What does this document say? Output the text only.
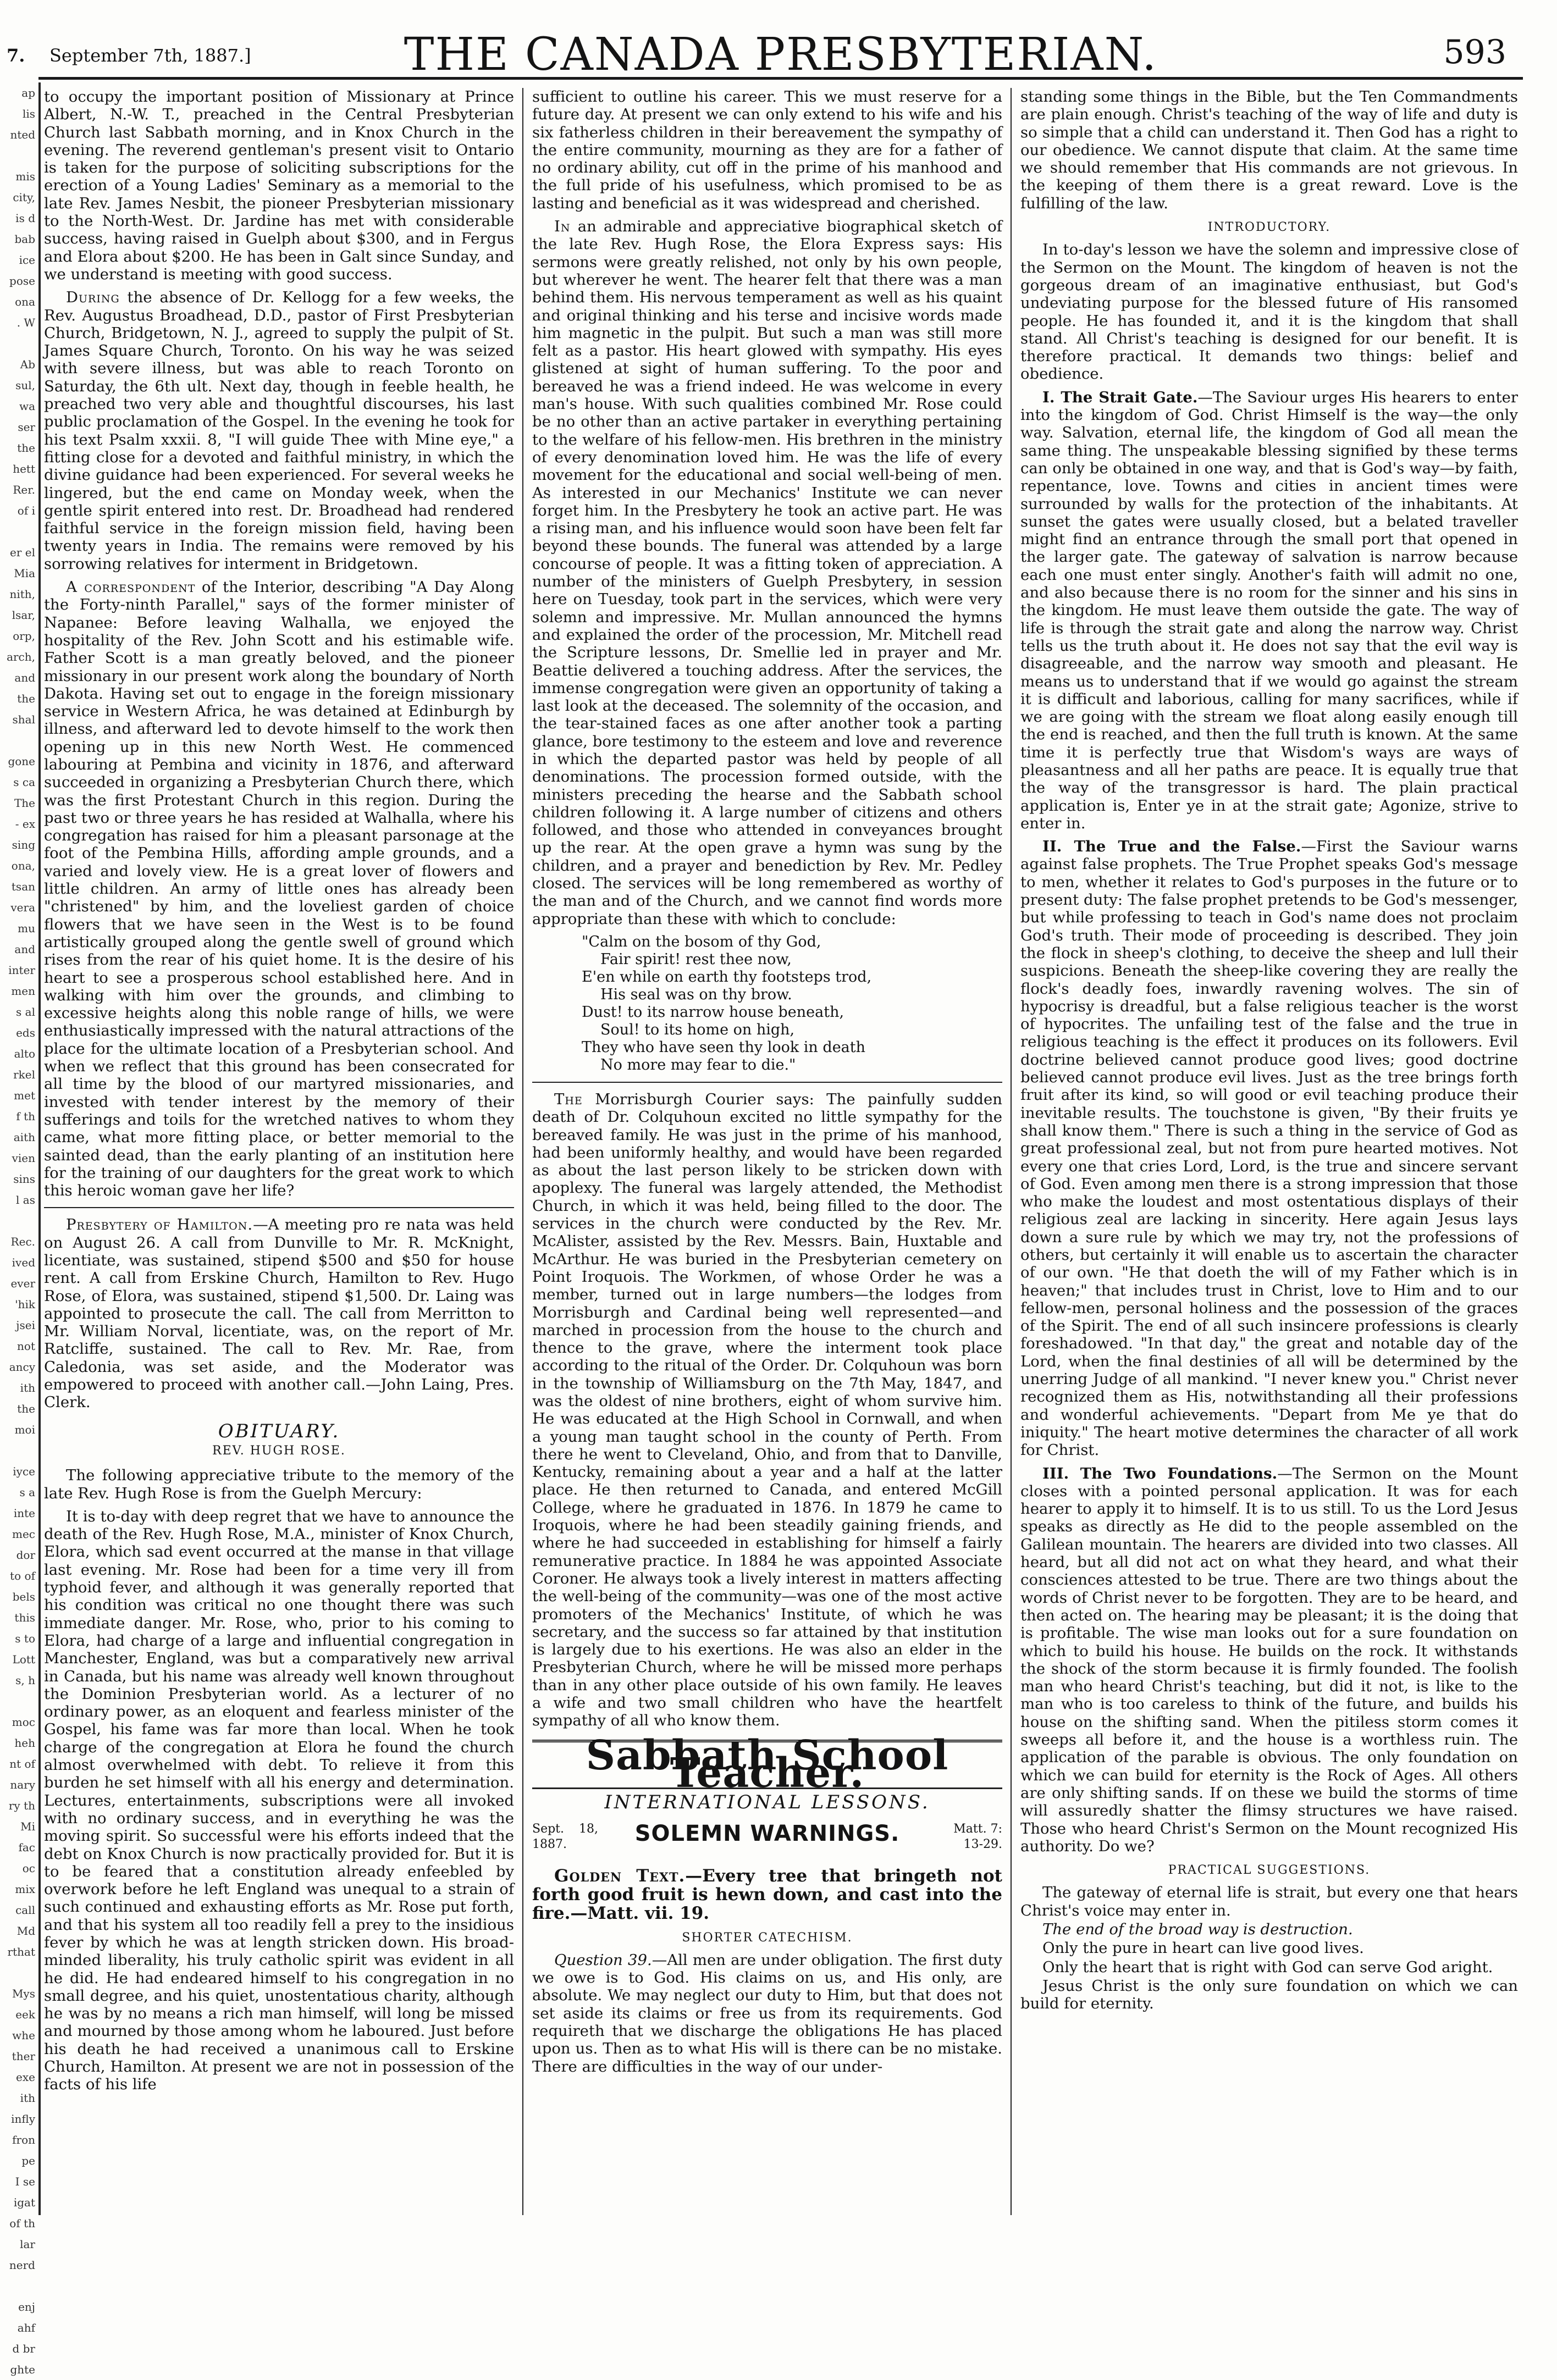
7. September 7th, 1887.]	THE CANADA PRESBYTERIAN.	593
ap
lis
nted
mis
city,
is d
bab
ice
pose
ona
. W
Ab
sul,
wa
ser
the
hett
Rer.
of i
er el
Mia
nith,
lsar,
orp,
arch,
and
the
shal
gone
s ca
The
- ex
sing
ona,
tsan
vera
mu
and
inter
men
s al
eds
alto
rkel
met
f th
aith
vien
sins
l as
Rec.
ived
ever
'hik
jsei
not
ancy
ith
the
moi
iyce
s a
inte
mec
dor
to of
bels
this
s to
Lott
s, h
moc
heh
nt of
nary
ry th
Mi
fac
oc
mix
call
Md
rthat
Mys
eek
whe
ther
exe
ith
infly
fron
pe
I se
igat
of th
lar
nerd
enj
ahf
d br
ghte

to occupy the important position of Missionary at Prince Albert, N.-W. T., preached in the Central Presbyterian Church last Sabbath morning, and in Knox Church in the evening. The reverend gentleman's present visit to Ontario is taken for the purpose of soliciting subscriptions for the erection of a Young Ladies' Seminary as a memorial to the late Rev. James Nesbit, the pioneer Presbyterian missionary to the North-West. Dr. Jardine has met with considerable success, having raised in Guelph about $300, and in Fergus and Elora about $200. He has been in Galt since Sunday, and we understand is meeting with good success.

During the absence of Dr. Kellogg for a few weeks, the Rev. Augustus Broadhead, D.D., pastor of First Presbyterian Church, Bridgetown, N. J., agreed to supply the pulpit of St. James Square Church, Toronto. On his way he was seized with severe illness, but was able to reach Toronto on Saturday, the 6th ult. Next day, though in feeble health, he preached two very able and thoughtful discourses, his last public proclamation of the Gospel. In the evening he took for his text Psalm xxxii. 8, "I will guide Thee with Mine eye," a fitting close for a devoted and faithful ministry, in which the divine guidance had been experienced. For several weeks he lingered, but the end came on Monday week, when the gentle spirit entered into rest. Dr. Broadhead had rendered faithful service in the foreign mission field, having been twenty years in India. The remains were removed by his sorrowing relatives for interment in Bridgetown.

A correspondent of the Interior, describing "A Day Along the Forty-ninth Parallel," says of the former minister of Napanee: Before leaving Walhalla, we enjoyed the hospitality of the Rev. John Scott and his estimable wife. Father Scott is a man greatly beloved, and the pioneer missionary in our present work along the boundary of North Dakota. Having set out to engage in the foreign missionary service in Western Africa, he was detained at Edinburgh by illness, and afterward led to devote himself to the work then opening up in this new North West. He commenced labouring at Pembina and vicinity in 1876, and afterward succeeded in organizing a Presbyterian Church there, which was the first Protestant Church in this region. During the past two or three years he has resided at Walhalla, where his congregation has raised for him a pleasant parsonage at the foot of the Pembina Hills, affording ample grounds, and a varied and lovely view. He is a great lover of flowers and little children. An army of little ones has already been "christened" by him, and the loveliest garden of choice flowers that we have seen in the West is to be found artistically grouped along the gentle swell of ground which rises from the rear of his quiet home. It is the desire of his heart to see a prosperous school established here. And in walking with him over the grounds, and climbing to excessive heights along this noble range of hills, we were enthusiastically impressed with the natural attractions of the place for the ultimate location of a Presbyterian school. And when we reflect that this ground has been consecrated for all time by the blood of our martyred missionaries, and invested with tender interest by the memory of their sufferings and toils for the wretched natives to whom they came, what more fitting place, or better memorial to the sainted dead, than the early planting of an institution here for the training of our daughters for the great work to which this heroic woman gave her life?

Presbytery of Hamilton.—A meeting pro re nata was held on August 26. A call from Dunville to Mr. R. McKnight, licentiate, was sustained, stipend $500 and $50 for house rent. A call from Erskine Church, Hamilton to Rev. Hugo Rose, of Elora, was sustained, stipend $1,500. Dr. Laing was appointed to prosecute the call. The call from Merritton to Mr. William Norval, licentiate, was, on the report of Mr. Ratcliffe, sustained. The call to Rev. Mr. Rae, from Caledonia, was set aside, and the Moderator was empowered to proceed with another call.—John Laing, Pres. Clerk.

OBITUARY.
REV. HUGH ROSE.

The following appreciative tribute to the memory of the late Rev. Hugh Rose is from the Guelph Mercury:

It is to-day with deep regret that we have to announce the death of the Rev. Hugh Rose, M.A., minister of Knox Church, Elora, which sad event occurred at the manse in that village last evening. Mr. Rose had been for a time very ill from typhoid fever, and although it was generally reported that his condition was critical no one thought there was such immediate danger. Mr. Rose, who, prior to his coming to Elora, had charge of a large and influential congregation in Manchester, England, was but a comparatively new arrival in Canada, but his name was already well known throughout the Dominion Presbyterian world. As a lecturer of no ordinary power, as an eloquent and fearless minister of the Gospel, his fame was far more than local. When he took charge of the congregation at Elora he found the church almost overwhelmed with debt. To relieve it from this burden he set himself with all his energy and determination. Lectures, entertainments, subscriptions were all invoked with no ordinary success, and in everything he was the moving spirit. So successful were his efforts indeed that the debt on Knox Church is now practically provided for. But it is to be feared that a constitution already enfeebled by overwork before he left England was unequal to a strain of such continued and exhausting efforts as Mr. Rose put forth, and that his system all too readily fell a prey to the insidious fever by which he was at length stricken down. His broad-minded liberality, his truly catholic spirit was evident in all he did. He had endeared himself to his congregation in no small degree, and his quiet, unostentatious charity, although he was by no means a rich man himself, will long be missed and mourned by those among whom he laboured. Just before his death he had received a unanimous call to Erskine Church, Hamilton. At present we are not in possession of the facts of his life

sufficient to outline his career. This we must reserve for a future day. At present we can only extend to his wife and his six fatherless children in their bereavement the sympathy of the entire community, mourning as they are for a father of no ordinary ability, cut off in the prime of his manhood and the full pride of his usefulness, which promised to be as lasting and beneficial as it was widespread and cherished.

In an admirable and appreciative biographical sketch of the late Rev. Hugh Rose, the Elora Express says: His sermons were greatly relished, not only by his own people, but wherever he went. The hearer felt that there was a man behind them. His nervous temperament as well as his quaint and original thinking and his terse and incisive words made him magnetic in the pulpit. But such a man was still more felt as a pastor. His heart glowed with sympathy. His eyes glistened at sight of human suffering. To the poor and bereaved he was a friend indeed. He was welcome in every man's house. With such qualities combined Mr. Rose could be no other than an active partaker in everything pertaining to the welfare of his fellow-men. His brethren in the ministry of every denomination loved him. He was the life of every movement for the educational and social well-being of men. As interested in our Mechanics' Institute we can never forget him. In the Presbytery he took an active part. He was a rising man, and his influence would soon have been felt far beyond these bounds. The funeral was attended by a large concourse of people. It was a fitting token of appreciation. A number of the ministers of Guelph Presbytery, in session here on Tuesday, took part in the services, which were very solemn and impressive. Mr. Mullan announced the hymns and explained the order of the procession, Mr. Mitchell read the Scripture lessons, Dr. Smellie led in prayer and Mr. Beattie delivered a touching address. After the services, the immense congregation were given an opportunity of taking a last look at the deceased. The solemnity of the occasion, and the tear-stained faces as one after another took a parting glance, bore testimony to the esteem and love and reverence in which the departed pastor was held by people of all denominations. The procession formed outside, with the ministers preceding the hearse and the Sabbath school children following it. A large number of citizens and others followed, and those who attended in conveyances brought up the rear. At the open grave a hymn was sung by the children, and a prayer and benediction by Rev. Mr. Pedley closed. The services will be long remembered as worthy of the man and of the Church, and we cannot find words more appropriate than these with which to conclude:

"Calm on the bosom of thy God,
Fair spirit! rest thee now,
E'en while on earth thy footsteps trod,
His seal was on thy brow.
Dust! to its narrow house beneath,
Soul! to its home on high,
They who have seen thy look in death
No more may fear to die."

The Morrisburgh Courier says: The painfully sudden death of Dr. Colquhoun excited no little sympathy for the bereaved family. He was just in the prime of his manhood, had been uniformly healthy, and would have been regarded as about the last person likely to be stricken down with apoplexy. The funeral was largely attended, the Methodist Church, in which it was held, being filled to the door. The services in the church were conducted by the Rev. Mr. McAlister, assisted by the Rev. Messrs. Bain, Huxtable and McArthur. He was buried in the Presbyterian cemetery on Point Iroquois. The Workmen, of whose Order he was a member, turned out in large numbers—the lodges from Morrisburgh and Cardinal being well represented—and marched in procession from the house to the church and thence to the grave, where the interment took place according to the ritual of the Order. Dr. Colquhoun was born in the township of Williamsburg on the 7th May, 1847, and was the oldest of nine brothers, eight of whom survive him. He was educated at the High School in Cornwall, and when a young man taught school in the county of Perth. From there he went to Cleveland, Ohio, and from that to Danville, Kentucky, remaining about a year and a half at the latter place. He then returned to Canada, and entered McGill College, where he graduated in 1876. In 1879 he came to Iroquois, where he had been steadily gaining friends, and where he had succeeded in establishing for himself a fairly remunerative practice. In 1884 he was appointed Associate Coroner. He always took a lively interest in matters affecting the well-being of the community—was one of the most active promoters of the Mechanics' Institute, of which he was secretary, and the success so far attained by that institution is largely due to his exertions. He was also an elder in the Presbyterian Church, where he will be missed more perhaps than in any other place outside of his own family. He leaves a wife and two small children who have the heartfelt sympathy of all who know them.

Sabbath School Teacher.
INTERNATIONAL LESSONS.
Sept. 18, 1887.	SOLEMN WARNINGS.	Matt. 7: 13-29.

Golden Text.—Every tree that bringeth not forth good fruit is hewn down, and cast into the fire.—Matt. vii. 19.

SHORTER CATECHISM.

Question 39.—All men are under obligation. The first duty we owe is to God. His claims on us, and His only, are absolute. We may neglect our duty to Him, but that does not set aside its claims or free us from its requirements. God requireth that we discharge the obligations He has placed upon us. Then as to what His will is there can be no mistake. There are difficulties in the way of our under-

standing some things in the Bible, but the Ten Commandments are plain enough. Christ's teaching of the way of life and duty is so simple that a child can understand it. Then God has a right to our obedience. We cannot dispute that claim. At the same time we should remember that His commands are not grievous. In the keeping of them there is a great reward. Love is the fulfilling of the law.

INTRODUCTORY.

In to-day's lesson we have the solemn and impressive close of the Sermon on the Mount. The kingdom of heaven is not the gorgeous dream of an imaginative enthusiast, but God's undeviating purpose for the blessed future of His ransomed people. He has founded it, and it is the kingdom that shall stand. All Christ's teaching is designed for our benefit. It is therefore practical. It demands two things: belief and obedience.

I. The Strait Gate.—The Saviour urges His hearers to enter into the kingdom of God. Christ Himself is the way—the only way. Salvation, eternal life, the kingdom of God all mean the same thing. The unspeakable blessing signified by these terms can only be obtained in one way, and that is God's way—by faith, repentance, love. Towns and cities in ancient times were surrounded by walls for the protection of the inhabitants. At sunset the gates were usually closed, but a belated traveller might find an entrance through the small port that opened in the larger gate. The gateway of salvation is narrow because each one must enter singly. Another's faith will admit no one, and also because there is no room for the sinner and his sins in the kingdom. He must leave them outside the gate. The way of life is through the strait gate and along the narrow way. Christ tells us the truth about it. He does not say that the evil way is disagreeable, and the narrow way smooth and pleasant. He means us to understand that if we would go against the stream it is difficult and laborious, calling for many sacrifices, while if we are going with the stream we float along easily enough till the end is reached, and then the full truth is known. At the same time it is perfectly true that Wisdom's ways are ways of pleasantness and all her paths are peace. It is equally true that the way of the transgressor is hard. The plain practical application is, Enter ye in at the strait gate; Agonize, strive to enter in.

II. The True and the False.—First the Saviour warns against false prophets. The True Prophet speaks God's message to men, whether it relates to God's purposes in the future or to present duty: The false prophet pretends to be God's messenger, but while professing to teach in God's name does not proclaim God's truth. Their mode of proceeding is described. They join the flock in sheep's clothing, to deceive the sheep and lull their suspicions. Beneath the sheep-like covering they are really the flock's deadly foes, inwardly ravening wolves. The sin of hypocrisy is dreadful, but a false religious teacher is the worst of hypocrites. The unfailing test of the false and the true in religious teaching is the effect it produces on its followers. Evil doctrine believed cannot produce good lives; good doctrine believed cannot produce evil lives. Just as the tree brings forth fruit after its kind, so will good or evil teaching produce their inevitable results. The touchstone is given, "By their fruits ye shall know them." There is such a thing in the service of God as great professional zeal, but not from pure hearted motives. Not every one that cries Lord, Lord, is the true and sincere servant of God. Even among men there is a strong impression that those who make the loudest and most ostentatious displays of their religious zeal are lacking in sincerity. Here again Jesus lays down a sure rule by which we may try, not the professions of others, but certainly it will enable us to ascertain the character of our own. "He that doeth the will of my Father which is in heaven;" that includes trust in Christ, love to Him and to our fellow-men, personal holiness and the possession of the graces of the Spirit. The end of all such insincere professions is clearly foreshadowed. "In that day," the great and notable day of the Lord, when the final destinies of all will be determined by the unerring Judge of all mankind. "I never knew you." Christ never recognized them as His, notwithstanding all their professions and wonderful achievements. "Depart from Me ye that do iniquity." The heart motive determines the character of all work for Christ.

III. The Two Foundations.—The Sermon on the Mount closes with a pointed personal application. It was for each hearer to apply it to himself. It is to us still. To us the Lord Jesus speaks as directly as He did to the people assembled on the Galilean mountain. The hearers are divided into two classes. All heard, but all did not act on what they heard, and what their consciences attested to be true. There are two things about the words of Christ never to be forgotten. They are to be heard, and then acted on. The hearing may be pleasant; it is the doing that is profitable. The wise man looks out for a sure foundation on which to build his house. He builds on the rock. It withstands the shock of the storm because it is firmly founded. The foolish man who heard Christ's teaching, but did it not, is like to the man who is too careless to think of the future, and builds his house on the shifting sand. When the pitiless storm comes it sweeps all before it, and the house is a worthless ruin. The application of the parable is obvious. The only foundation on which we can build for eternity is the Rock of Ages. All others are only shifting sands. If on these we build the storms of time will assuredly shatter the flimsy structures we have raised. Those who heard Christ's Sermon on the Mount recognized His authority. Do we?

PRACTICAL SUGGESTIONS.

The gateway of eternal life is strait, but every one that hears Christ's voice may enter in.

The end of the broad way is destruction.

Only the pure in heart can live good lives.

Only the heart that is right with God can serve God aright.

Jesus Christ is the only sure foundation on which we can build for eternity.
